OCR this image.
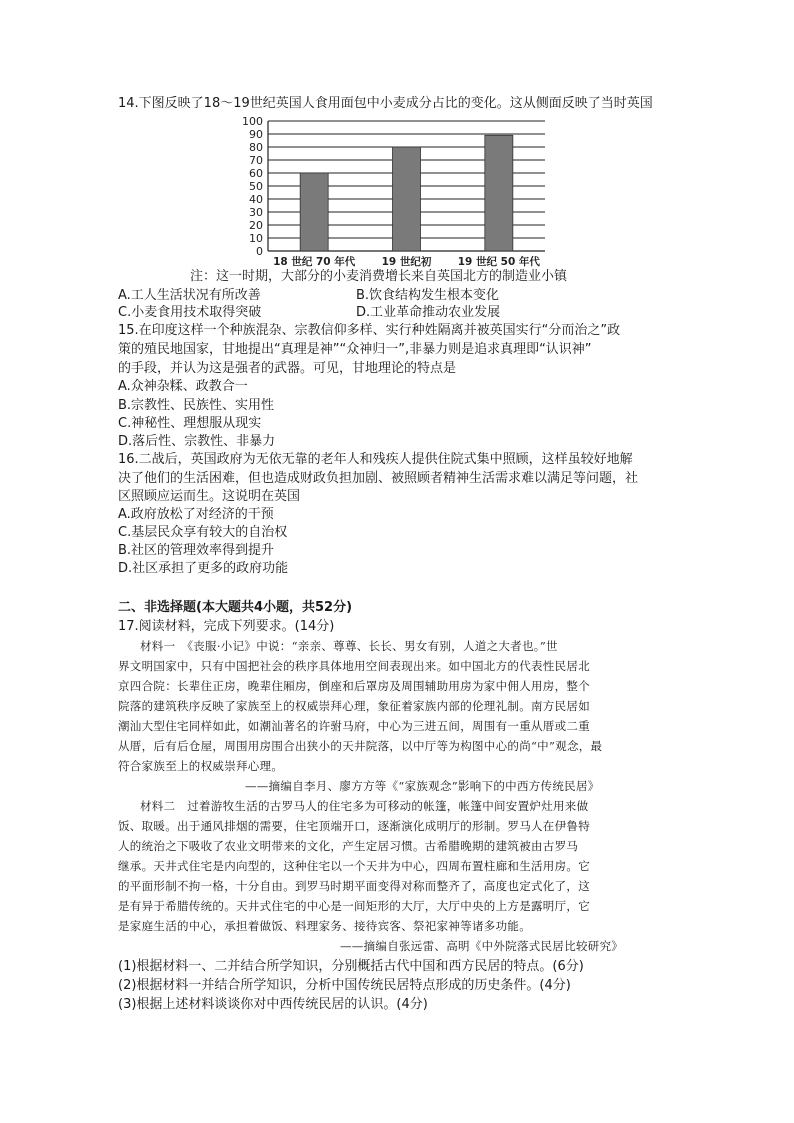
14.下图反映了18～19世纪英国人食用面包中小麦成分占比的变化。这从侧面反映了当时英国
0
10
20
30
40
50
60
70
80
90
100
18 世纪 70 年代	19 世纪初	19 世纪 50 年代
注：这一时期，大部分的小麦消费增长来自英国北方的制造业小镇
A.工人生活状况有所改善	B.饮食结构发生根本变化
C.小麦食用技术取得突破	D.工业革命推动农业发展
15.在印度这样一个种族混杂、宗教信仰多样、实行种姓隔离并被英国实行“分而治之”政
策的殖民地国家，甘地提出“真理是神”“众神归一”,非暴力则是追求真理即“认识神”
的手段，并认为这是强者的武器。可见，甘地理论的特点是
A.众神杂糅、政教合一
B.宗教性、民族性、实用性
C.神秘性、理想服从现实
D.落后性、宗教性、非暴力
16.二战后，英国政府为无依无靠的老年人和残疾人提供住院式集中照顾，这样虽较好地解
决了他们的生活困难，但也造成财政负担加剧、被照顾者精神生活需求难以满足等问题，社
区照顾应运而生。这说明在英国
A.政府放松了对经济的干预
C.基层民众享有较大的自治权
B.社区的管理效率得到提升
D.社区承担了更多的政府功能
二、非选择题(本大题共4小题，共52分)
17.阅读材料，完成下列要求。(14分)
材料一　《丧服·小记》中说：“亲亲、尊尊、长长、男女有别，人道之大者也。”世
界文明国家中，只有中国把社会的秩序具体地用空间表现出来。如中国北方的代表性民居北
京四合院：长辈住正房，晚辈住厢房，倒座和后罩房及周围辅助用房为家中佣人用房，整个
院落的建筑秩序反映了家族至上的权威崇拜心理，象征着家族内部的伦理礼制。南方民居如
潮汕大型住宅同样如此，如潮汕著名的许驸马府，中心为三进五间，周围有一重从厝或二重
从厝，后有后仓屋，周围用房围合出狭小的天井院落，以中厅等为构图中心的尚“中”观念，最
符合家族至上的权威崇拜心理。
——摘编自李月、廖方方等《“家族观念”影响下的中西方传统民居》
材料二　过着游牧生活的古罗马人的住宅多为可移动的帐篷，帐篷中间安置炉灶用来做
饭、取暖。出于通风排烟的需要，住宅顶端开口，逐渐演化成明厅的形制。罗马人在伊鲁特
人的统治之下吸收了农业文明带来的文化，产生定居习惯。古希腊晚期的建筑被由古罗马
继承。天井式住宅是内向型的，这种住宅以一个天井为中心，四周布置柱廊和生活用房。它
的平面形制不拘一格，十分自由。到罗马时期平面变得对称而整齐了，高度也定式化了，这
是有异于希腊传统的。天井式住宅的中心是一间矩形的大厅，大厅中央的上方是露明厅，它
是家庭生活的中心，承担着做饭、料理家务、接待宾客、祭祀家神等诸多功能。
——摘编自张远雷、高明《中外院落式民居比较研究》
(1)根据材料一、二并结合所学知识，分别概括古代中国和西方民居的特点。(6分)
(2)根据材料一并结合所学知识，分析中国传统民居特点形成的历史条件。(4分)
(3)根据上述材料谈谈你对中西传统民居的认识。(4分)
